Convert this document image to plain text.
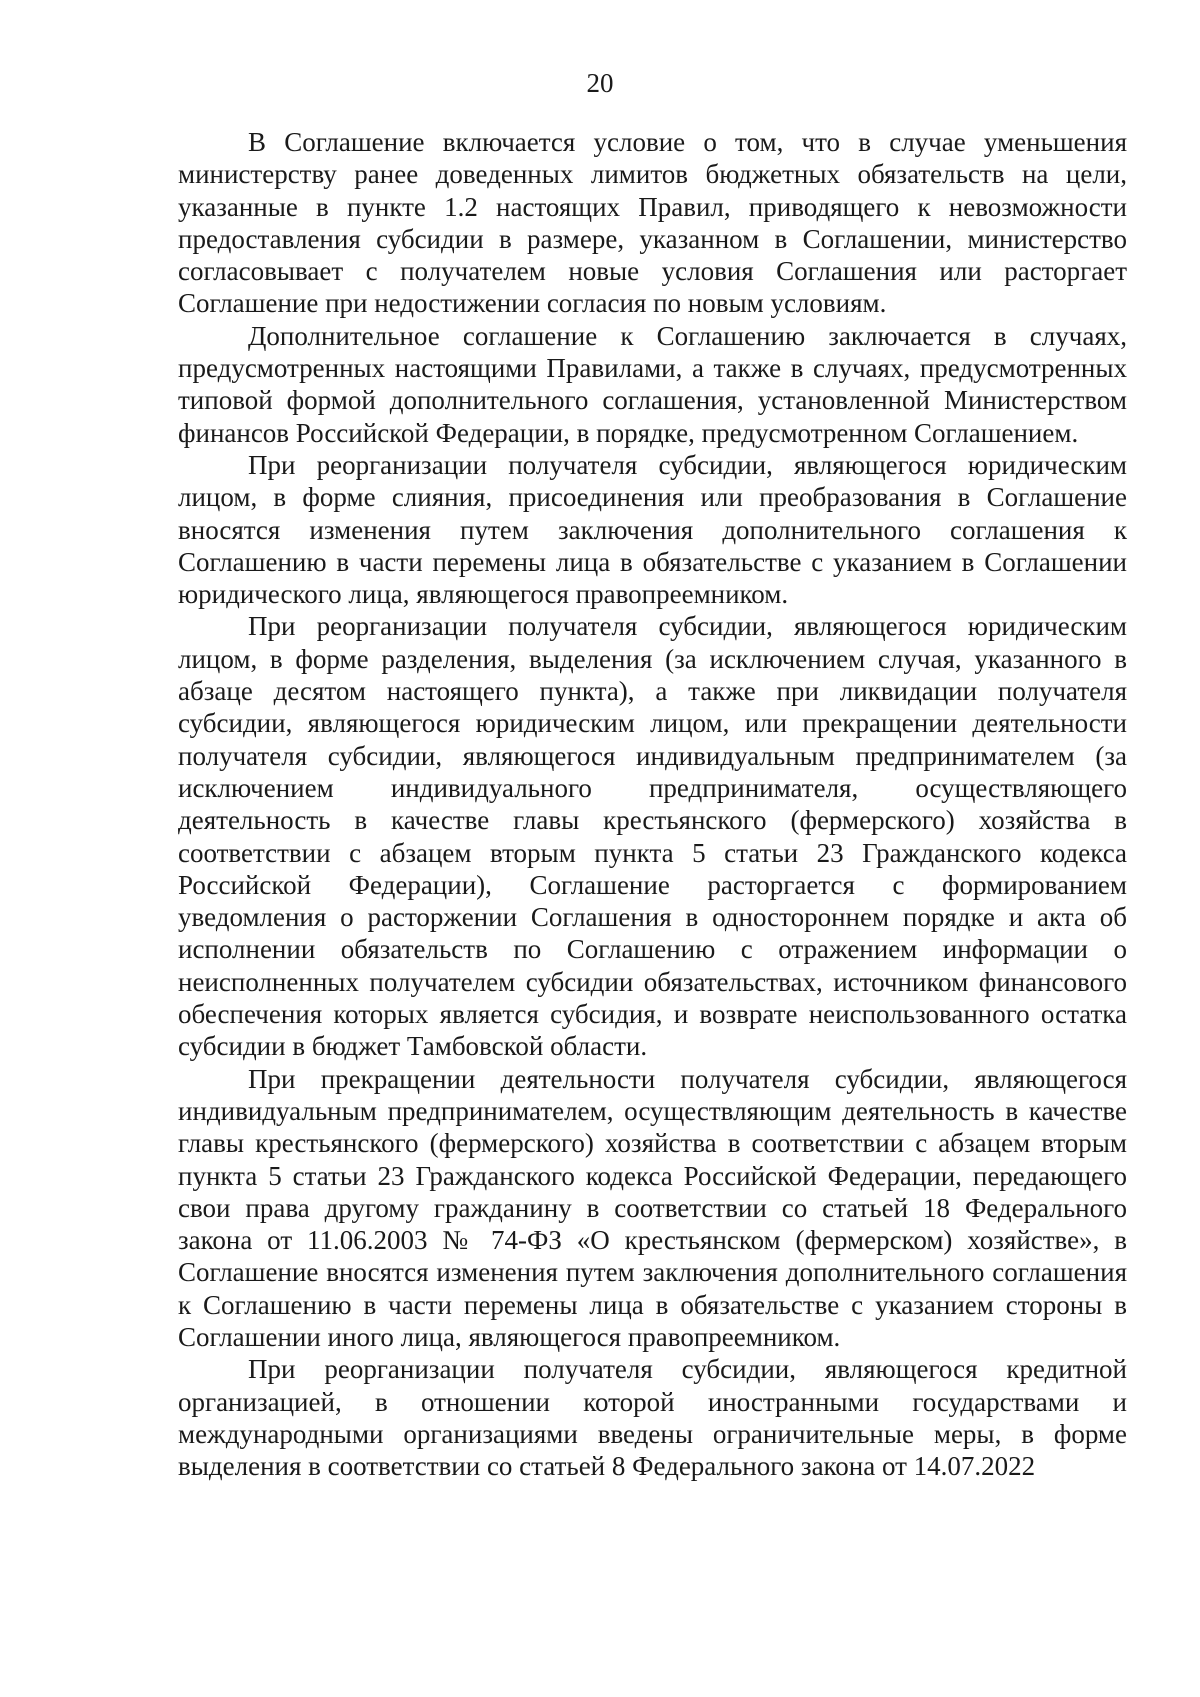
20

В Соглашение включается условие о том, что в случае уменьшения министерству ранее доведенных лимитов бюджетных обязательств на цели, указанные в пункте 1.2 настоящих Правил, приводящего к невозможности предоставления субсидии в размере, указанном в Соглашении, министерство согласовывает с получателем новые условия Соглашения или расторгает Соглашение при недостижении согласия по новым условиям.

Дополнительное соглашение к Соглашению заключается в случаях, предусмотренных настоящими Правилами, а также в случаях, предусмотренных типовой формой дополнительного соглашения, установленной Министерством финансов Российской Федерации, в порядке, предусмотренном Соглашением.

При реорганизации получателя субсидии, являющегося юридическим лицом, в форме слияния, присоединения или преобразования в Соглашение вносятся изменения путем заключения дополнительного соглашения к Соглашению в части перемены лица в обязательстве с указанием в Соглашении юридического лица, являющегося правопреемником.

При реорганизации получателя субсидии, являющегося юридическим лицом, в форме разделения, выделения (за исключением случая, указанного в абзаце десятом настоящего пункта), а также при ликвидации получателя субсидии, являющегося юридическим лицом, или прекращении деятельности получателя субсидии, являющегося индивидуальным предпринимателем (за исключением индивидуального предпринимателя, осуществляющего деятельность в качестве главы крестьянского (фермерского) хозяйства в соответствии с абзацем вторым пункта 5 статьи 23 Гражданского кодекса Российской Федерации), Соглашение расторгается с формированием уведомления о расторжении Соглашения в одностороннем порядке и акта об исполнении обязательств по Соглашению с отражением информации о неисполненных получателем субсидии обязательствах, источником финансового обеспечения которых является субсидия, и возврате неиспользованного остатка субсидии в бюджет Тамбовской области.

При прекращении деятельности получателя субсидии, являющегося индивидуальным предпринимателем, осуществляющим деятельность в качестве главы крестьянского (фермерского) хозяйства в соответствии с абзацем вторым пункта 5 статьи 23 Гражданского кодекса Российской Федерации, передающего свои права другому гражданину в соответствии со статьей 18 Федерального закона от 11.06.2003 № 74-ФЗ «О крестьянском (фермерском) хозяйстве», в Соглашение вносятся изменения путем заключения дополнительного соглашения к Соглашению в части перемены лица в обязательстве с указанием стороны в Соглашении иного лица, являющегося правопреемником.

При реорганизации получателя субсидии, являющегося кредитной организацией, в отношении которой иностранными государствами и международными организациями введены ограничительные меры, в форме выделения в соответствии со статьей 8 Федерального закона от 14.07.2022
